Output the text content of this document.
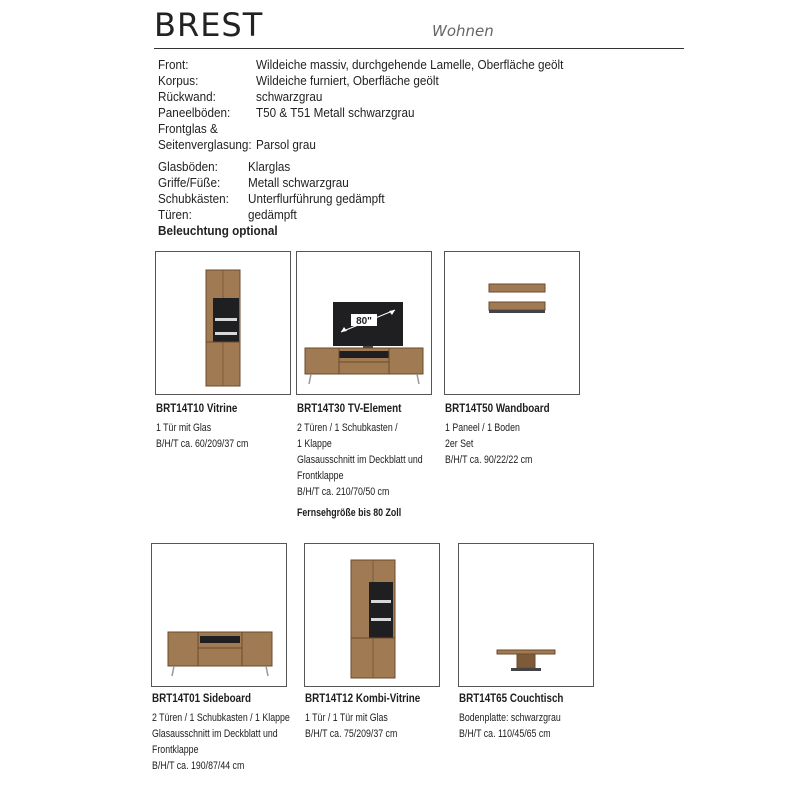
BREST	Wohnen
Front:	Wildeiche massiv, durchgehende Lamelle, Oberfläche geölt
Korpus:	Wildeiche furniert, Oberfläche geölt
Rückwand:	schwarzgrau
Paneelböden: T50 & T51 Metall schwarzgrau
Frontglas &
Seitenverglasung: Parsol grau
Glasböden: Klarglas
Griffe/Füße: Metall schwarzgrau
Schubkästen: Unterflurführung gedämpft
Türen:	gedämpft
Beleuchtung optional
BRT14T10 Vitrine
1 Tür mit Glas
B/H/T ca. 60/209/37 cm
80"
BRT14T30 TV-Element
2 Türen / 1 Schubkasten /
1 Klappe
Glasausschnitt im Deckblatt und
Frontklappe
B/H/T ca. 210/70/50 cm
Fernsehgröße bis 80 Zoll
BRT14T50 Wandboard
1 Paneel / 1 Boden
2er Set
B/H/T ca. 90/22/22 cm
BRT14T01 Sideboard
2 Türen / 1 Schubkasten / 1 Klappe
Glasausschnitt im Deckblatt und
Frontklappe
B/H/T ca. 190/87/44 cm
BRT14T12 Kombi-Vitrine
1 Tür / 1 Tür mit Glas
B/H/T ca. 75/209/37 cm
BRT14T65 Couchtisch
Bodenplatte: schwarzgrau
B/H/T ca. 110/45/65 cm
